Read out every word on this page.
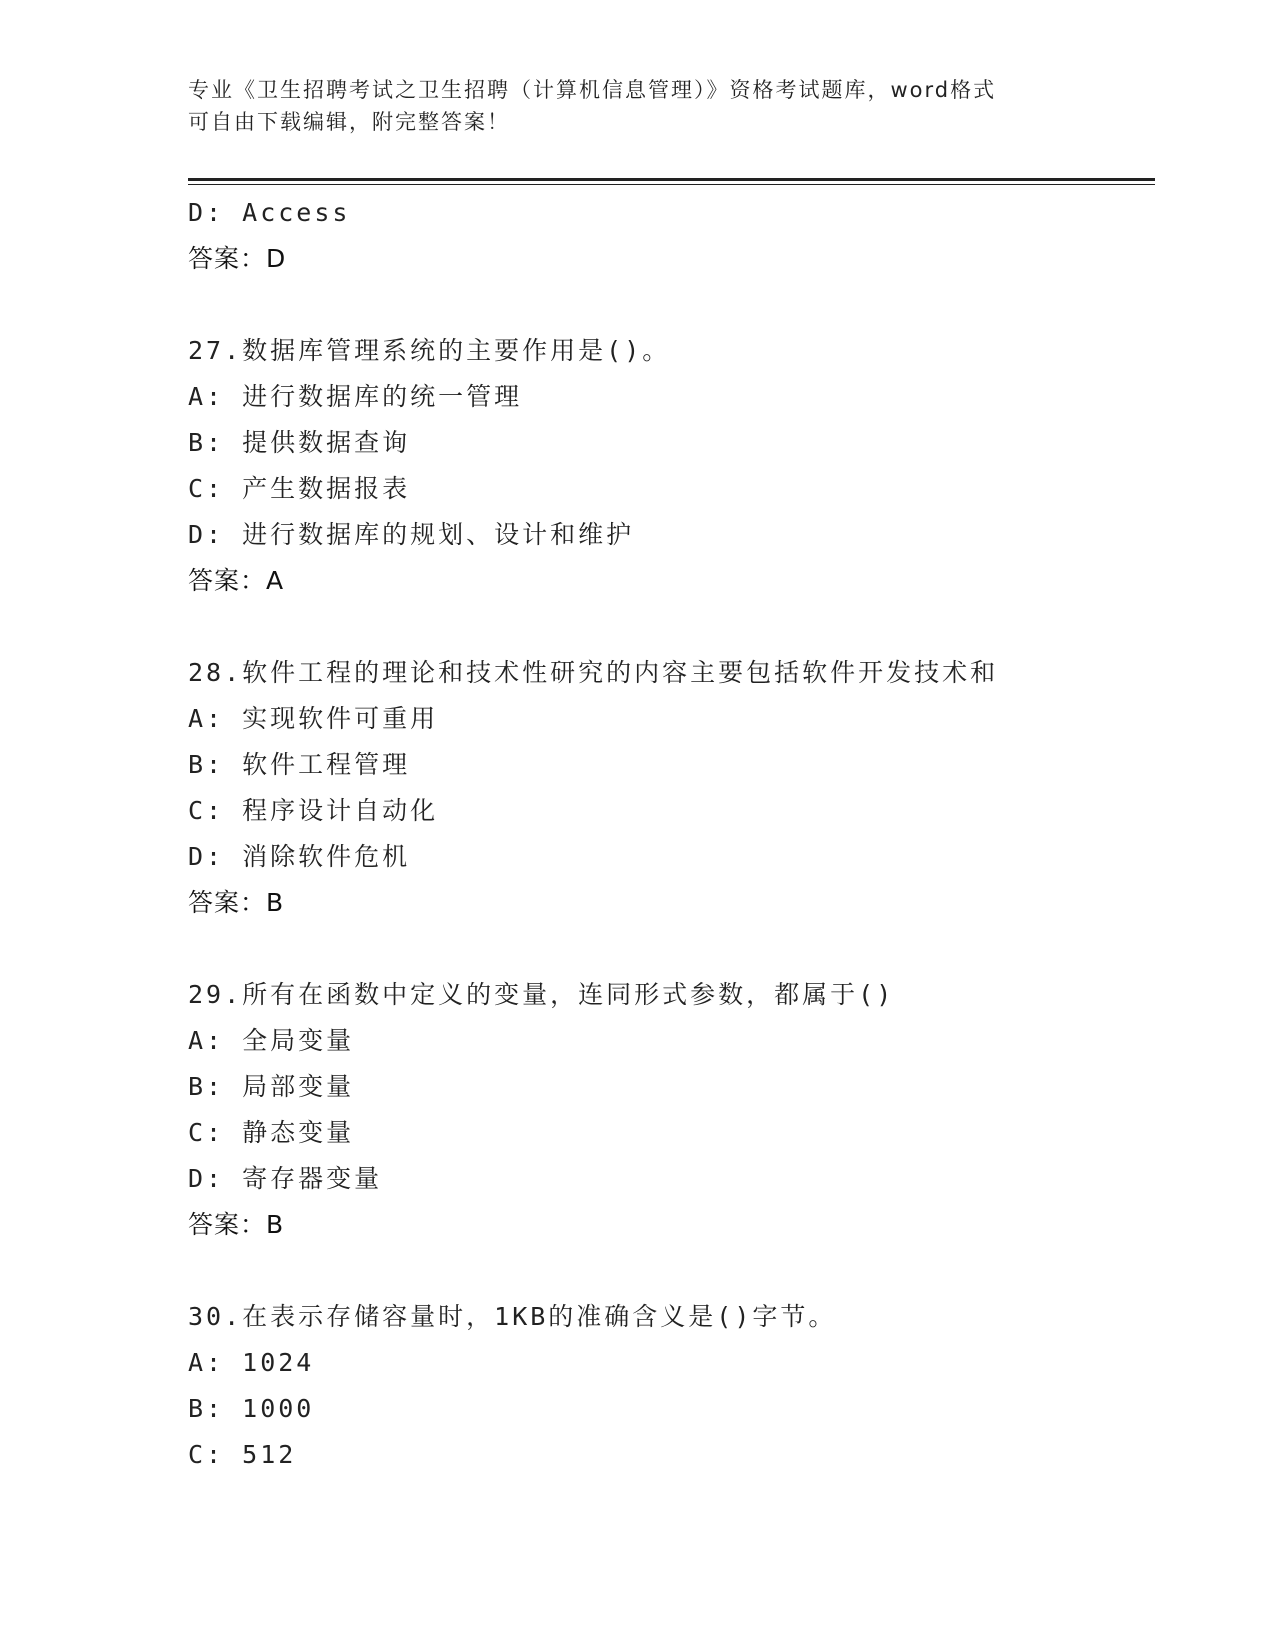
专业《卫生招聘考试之卫生招聘（计算机信息管理）》资格考试题库，word格式
可自由下载编辑，附完整答案！
D: Access
答案：D
27.数据库管理系统的主要作用是()。
A: 进行数据库的统一管理
B: 提供数据查询
C: 产生数据报表
D: 进行数据库的规划、设计和维护
答案：A
28.软件工程的理论和技术性研究的内容主要包括软件开发技术和
A: 实现软件可重用
B: 软件工程管理
C: 程序设计自动化
D: 消除软件危机
答案：B
29.所有在函数中定义的变量，连同形式参数，都属于()
A: 全局变量
B: 局部变量
C: 静态变量
D: 寄存器变量
答案：B
30.在表示存储容量时，1KB的准确含义是()字节。
A: 1024
B: 1000
C: 512
